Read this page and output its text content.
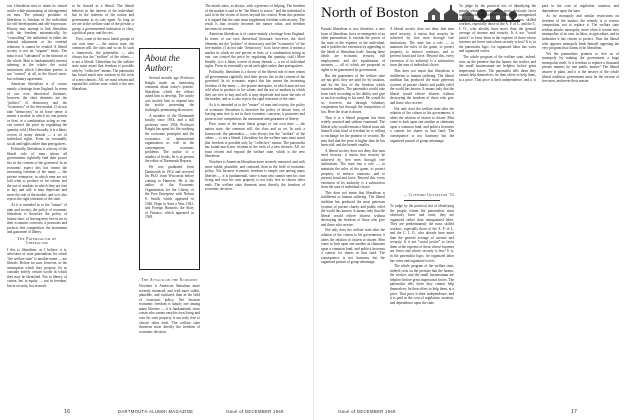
ion, Liberalism tries to retain its central article while minimizing its infringement on men. The primary postulate of liberalism is freedom of the individual for self-development and self-expression. History may attempt to link liberalism with the freedom automatically, by "controlling" the individual in either the internal adjustment or his external relations; it cannot be evaded. A liberal society is not an "organic" entity. The mass is not "subsumed" in the function of the whole. Man is fundamentally interest inhering in the whole; the social institutions which Liberalism prefers is not "control" at all, in the literal sense, but voluntary agreement.

American liberalism is of course mainly a heritage from England. In terms of our own theoretical literature, however, the chief elements are the "politics" of democracy and the "economics" of the free market. (I do not take "democracy" in its loose sense; it means a market in which no one person or firm, or a combination acting as one, can control the price by regulating the quantity sold.) More broadly, it is a fabric woven of many threads — a set of individual rights. From its essentially social and rights rather than prerogatives.

Politically, liberalism is a theory of the liberal rule of men whom all governments rightfully find their power lies in the consent of the governed. In its economic aspect this has meant the increasing freedom of the many — the private enterprise, in which men are not told what to produce or for whom, and the use of markets in which they are free to buy and sell; it may deprecate and more the rule of the market, and so it also rejects the rigid restraints of the state.

As it is intended as to the "nature" of man and society, the policy of economic liberalism is therefore the policy of laissez faire, of leaving men free to act in their economic concerns; it promotes and protects free competition, the instrument and guarantee of liberty.

The Paternalism of Liberalism

I this is liberalism, as I believe it is, advocates of state paternalism for which "the welfare state" is another name — are liberals. Before we turn, however, to the assumption which they propose, let us consider briefly certain words in which they may be identified. Not in liberty, of course, but in equity — not in freedom, but in security, but in much.

to be classed as a liberal. The liberal believes in the interest of the individual; but in the interests of the nation and government as its sole agent. As long as we are in the welfare state of the private, a group, a governmental institution or class, a political party, and the rest.

First, some of the most literal groups of our own time — the nation state, the common will, the class and so on. In such a framework, the paternalist — who always has the "welfare" of the others — is not a liberal. Liberalism for the welfare state must assert that freedom is possible only by "collective" means. The paternalist has found much new wisdom in the tools of a new rhetoric. All, we must reform and expand the welfare state, which is the new liberalism.

About the Author:

Several months ago Professor Knight made an interesting comment about today's pseudo-liberalism which the editors asked him to develop. The article was invited him to expand into the article presenting the forthright, penetrating discussion.

A member of the Dartmouth faculty since 1914, and a full professor since 1934, Professor Knight has spent his life studying the economic principles and the economics of international organization as well as the contemporary economic problems. The author of a number of books, he is at present the editor of Dartmouth Reports.

He was graduated from Dartmouth in 1914 and received his Ph.D. from Wisconsin before coming to Hanover. He is the author of the Economic Organization for the Liberty of the Free Enterprise with Nelson S. Smith, which appeared in 1946. Hope to Save a War, 1941, and Foreign Business, the Story of Finance, which appeared in 1949.

The Attack on the Economy

Nowhere is American liberalism more severely menaced, and with more subtle, plausible, and confused, than in the field of economic policy. Not because economic freedom is simply one among many liberties — it is fundamental, since a man who cannot earn his own living and own his own property is not truly free to choose other ends. The welfare state threatens most directly the freedom of economic decision.

The attack starts, as always, with a pretence of helping. The freedom of the market is said to be "the liberty to starve," and the individual is said to be the victim of forces beyond his control. From this premise it is argued that the state must supplement freedom with security. The result is that security becomes the master value, and freedom becomes its servant.

American liberalism is of course mainly a heritage from England. In terms of our own theoretical literature, however, the chief elements are the "politics" of democracy and the "economics" of the free market. (I do not take "democracy" in its loose sense; it means a market in which no one person or firm, or a combination acting as one, can control the price by regulating the quantity sold.) More broadly, it is a fabric woven of many threads — a set of individual rights. From its essentially social and rights rather than prerogatives.

Politically, liberalism is a theory of the liberal rule of men whom all governments rightfully find their power lies in the consent of the governed. In its economic aspect this has meant the increasing freedom of the many — the private enterprise, in which men are not told what to produce or for whom, and the use of markets in which they are free to buy and sell; it may deprecate and more the rule of the market, and so it also rejects the rigid restraints of the state.

As it is intended as to the "nature" of man and society, the policy of economic liberalism is therefore the policy of laissez faire, of leaving men free to act in their economic concerns; it promotes and protects free competition, the instrument and guarantee of liberty.

First, some of the most literal groups of our own time — the nation state, the common will, the class and so on. In such a framework, the paternalist — who always has the "welfare" of the others — is not a liberal. Liberalism for the welfare state must assert that freedom is possible only by "collective" means. The paternalist has found much new wisdom in the tools of a new rhetoric. All, we must reform and expand the welfare state, which is the new liberalism.

Nowhere is American liberalism more severely menaced, and with more subtle, plausible, and confused, than in the field of economic policy. Not because economic freedom is simply one among many liberties — it is fundamental, since a man who cannot earn his own living and own his own property is not truly free to choose other ends. The welfare state threatens most directly the freedom of economic decision.

16	DARTMOUTH ALUMNI MAGAZINE	Issue of DECEMBER 1949
North of Boston

Pseudo liberalism is not, therefore, a new form of liberalism, but a re-emergence of an older paternalism. It extends the power of the state at the expense of the individual, and it justifies the extension by appealing to the ideals of liberalism itself. Among these ideals are economic security, full employment, and the equalization of incomes — all of which are proposed as rights to be guaranteed by government.

But the guarantees of the welfare state are not gifts; they are paid for by taxation, and by the loss of the freedom which taxation implies. The paternalist would take from each according to his ability and give to each according to his need. He would do so, however, not through voluntary cooperation but through the compulsion of law. Here the issue is drawn.

That it is a liberal program has been widely asserted and seldom examined. The liberal who would remain a liberal must ask himself what kind of freedom he is willing to exchange for the promise of security. He may find that the price is higher than he has been told, and the benefit smaller.

A liberal society does not deny that men need security; it insists that security be achieved by free men through free institutions. The state has a role — to maintain the rules of the game, to protect property, to enforce contracts, and to prevent fraud and force. Beyond this, every extension of its authority is a subtraction from the area of individual choice.

This does not mean that liberalism is indifferent to human suffering. The liberal tradition has produced the most generous systems of private charity and public relief the world has known. It means only that the liberal would relieve distress without destroying the freedom of those who give and those who receive.

Not only does the welfare state alter the relation of the citizen to his government; it alters the relation of citizen to citizen. Men come to look upon one another as claimants upon a common fund, and politics becomes a contest for shares in that fund. The consequence is not harmony but the organized pursuit of group advantage.

A liberal society does not deny that men need security; it insists that security be achieved by free men through free institutions. The state has a role — to maintain the rules of the game, to protect property, to enforce contracts, and to prevent fraud and force. Beyond this, every extension of its authority is a subtraction from the area of individual choice.

This does not mean that liberalism is indifferent to human suffering. The liberal tradition has produced the most generous systems of private charity and public relief the world has known. It means only that the liberal would relieve distress without destroying the freedom of those who give and those who receive.

Not only does the welfare state alter the relation of the citizen to his government; it alters the relation of citizen to citizen. Men come to look upon one another as claimants upon a common fund, and politics becomes a contest for shares in that fund. The consequence is not harmony but the organized pursuit of group advantage.

— Clifford Gustafson '53

To judge by the practical test of identifying the people whom the paternalists most obviously favor and court, they are organized rather than unorganized labor. They are predominantly the mass skilled workers, especially those of the A. F. of L. and the C. I. O., who already have more than the general average of income and security. Is it not "social justice" to favor them at the expense of those whose incomes are lower and whose security is less? It is, in the paternalist logic, for organized labor has votes and organized voices.

The whole program of the welfare state, indeed, rests on the premise that the farmer, the worker, and the small businessman are helpless before great impersonal forces. The paternalist tells them they cannot help themselves; he then offers to help them, at a price. That price is their independence, and it is paid in the coin of regulation, taxation, and dependence upon the state.

To judge by the practical test of identifying the people whom the paternalists most obviously favor and court, they are organized rather than unorganized labor. They are predominantly the mass skilled workers, especially those of the A. F. of L. and the C. I. O., who already have more than the general average of income and security. Is it not "social justice" to favor them at the expense of those whose incomes are lower and whose security is less? It is, in the paternalist logic, for organized labor has votes and organized voices.

The whole program of the welfare state, indeed, rests on the premise that the farmer, the worker, and the small businessman are helpless before great impersonal forces. The paternalist tells them they cannot help themselves; he then offers to help them, at a price. That price is their independence, and it is paid in the coin of regulation, taxation, and dependence upon the state.

As for monopoly and similar restrictions on freedom of the market, the remedy is to restore competition, not to replace it. The welfare state seldom attacks monopoly; more often it creates new monopolies of its own, in labor, in agriculture, and in industries it has chosen to protect. Thus the liberal who opposes monopoly finds himself opposing the very program that claims to be liberalism.

Yet the paternalists promise to free us of monopoly by making the government a huge monopolist itself. Is it freedom to replace a thousand private masters by one public master? The liberal answer is plain, and it is the answer of the whole liberal tradition: government must be the servant of free men, and never their master.

Issue of DECEMBER 1949	17
